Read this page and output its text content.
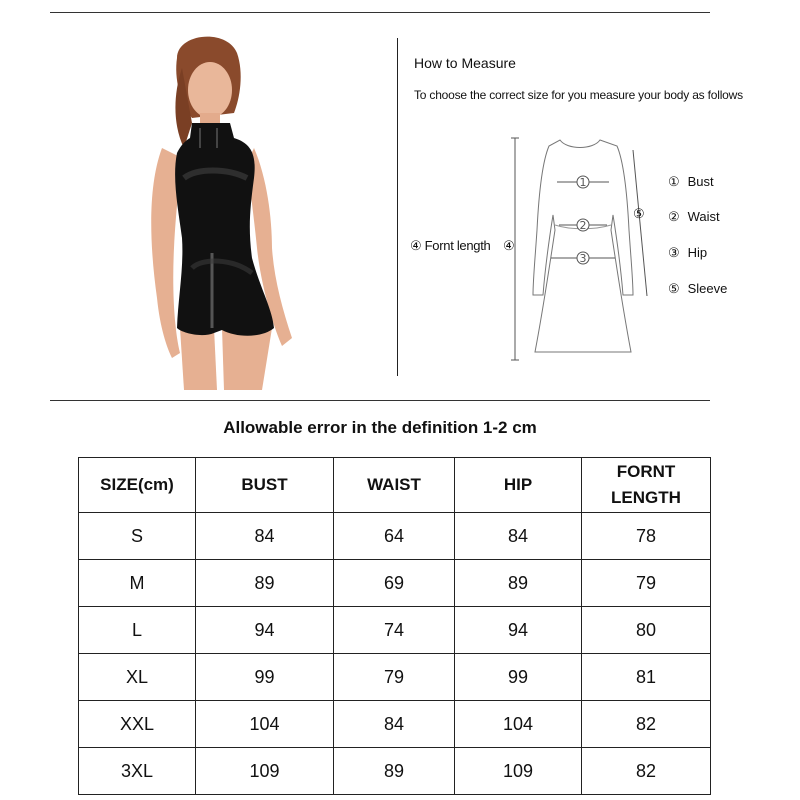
How to Measure
To choose the correct size for you measure your body as follows
④ Fornt length
1
2
3
④
⑤
① Bust
② Waist
③ Hip
⑤ Sleeve
Allowable error in the definition 1-2 cm
SIZE(cm)	BUST	WAIST	HIP	FORNT LENGTH
S	84	64	84	78
M	89	69	89	79
L	94	74	94	80
XL	99	79	99	81
XXL	104	84	104	82
3XL	109	89	109	82
